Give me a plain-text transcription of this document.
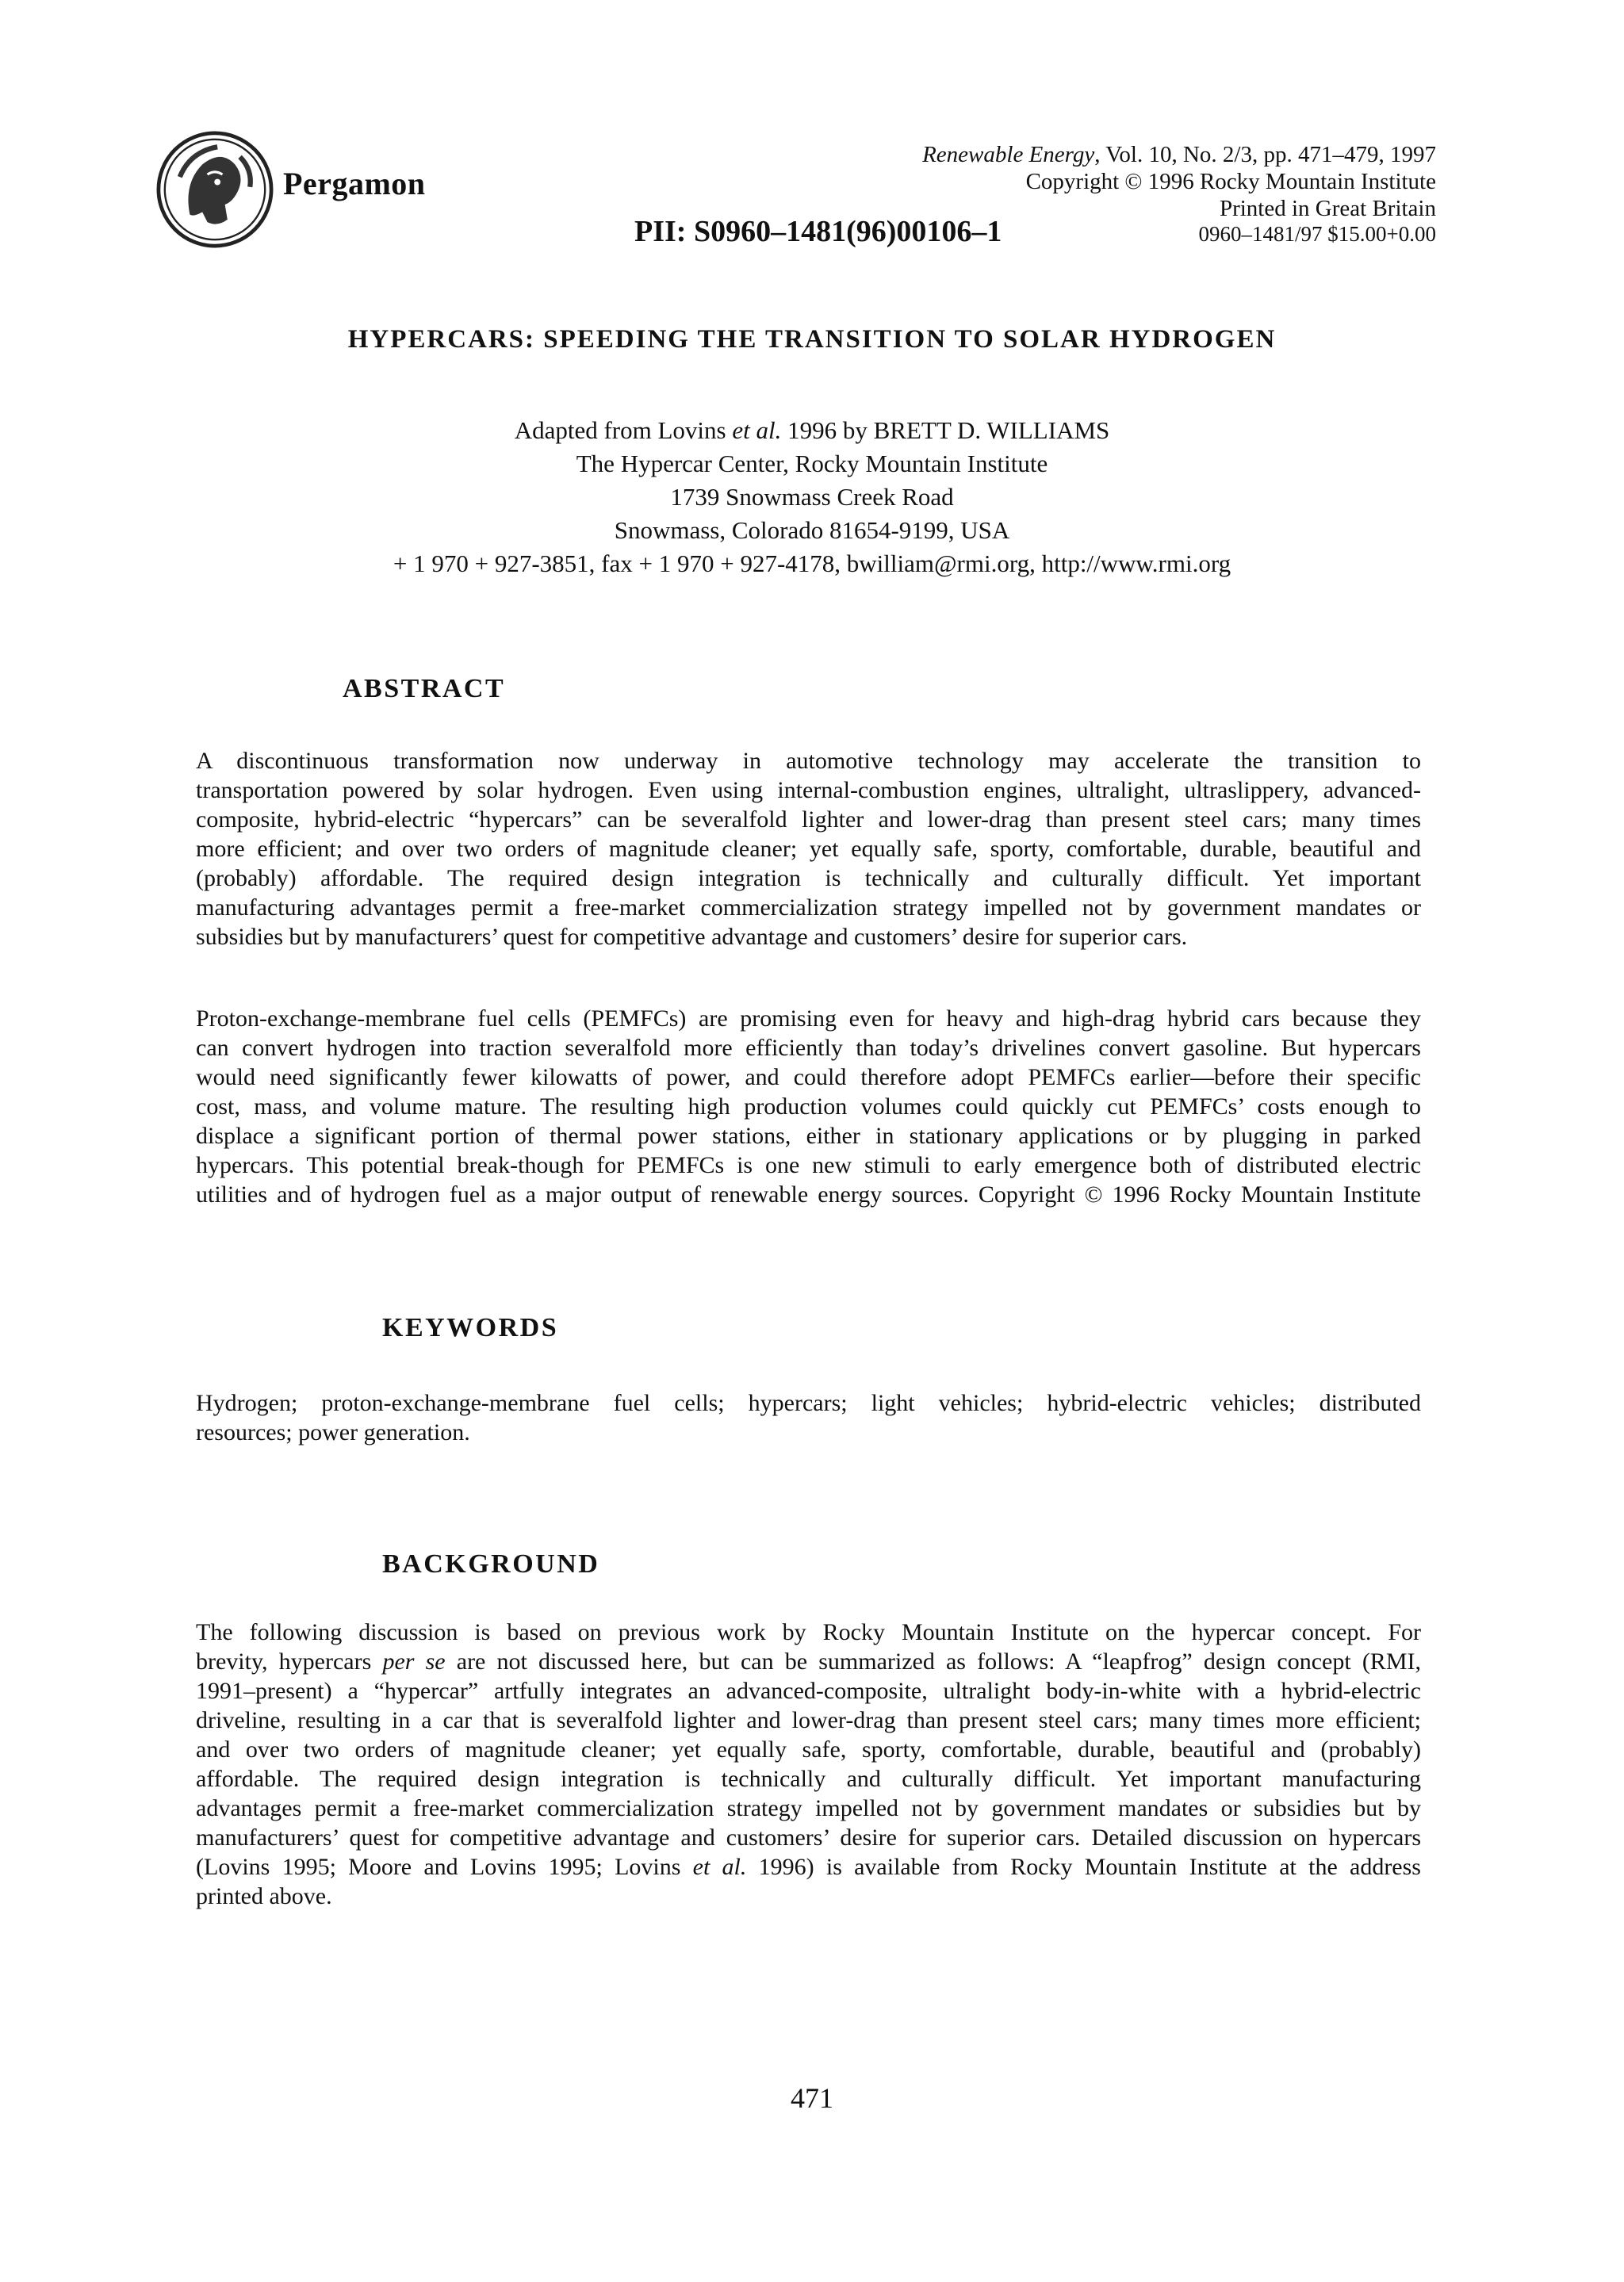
Pergamon
Renewable Energy, Vol. 10, No. 2/3, pp. 471–479, 1997
Copyright © 1996 Rocky Mountain Institute
Printed in Great Britain
PII: S0960–1481(96)00106–1	0960–1481/97 $15.00+0.00
HYPERCARS: SPEEDING THE TRANSITION TO SOLAR HYDROGEN
Adapted from Lovins et al. 1996 by BRETT D. WILLIAMS
The Hypercar Center, Rocky Mountain Institute
1739 Snowmass Creek Road
Snowmass, Colorado 81654-9199, USA
+ 1 970 + 927-3851, fax + 1 970 + 927-4178, bwilliam@rmi.org, http://www.rmi.org
ABSTRACT
A discontinuous transformation now underway in automotive technology may accelerate the transition to
transportation powered by solar hydrogen. Even using internal-combustion engines, ultralight, ultraslippery, advanced-
composite, hybrid-electric “hypercars” can be severalfold lighter and lower-drag than present steel cars; many times
more efficient; and over two orders of magnitude cleaner; yet equally safe, sporty, comfortable, durable, beautiful and
(probably) affordable. The required design integration is technically and culturally difficult. Yet important
manufacturing advantages permit a free-market commercialization strategy impelled not by government mandates or
subsidies but by manufacturers’ quest for competitive advantage and customers’ desire for superior cars.
Proton-exchange-membrane fuel cells (PEMFCs) are promising even for heavy and high-drag hybrid cars because they
can convert hydrogen into traction severalfold more efficiently than today’s drivelines convert gasoline. But hypercars
would need significantly fewer kilowatts of power, and could therefore adopt PEMFCs earlier—before their specific
cost, mass, and volume mature. The resulting high production volumes could quickly cut PEMFCs’ costs enough to
displace a significant portion of thermal power stations, either in stationary applications or by plugging in parked
hypercars. This potential break-though for PEMFCs is one new stimuli to early emergence both of distributed electric
utilities and of hydrogen fuel as a major output of renewable energy sources. Copyright © 1996 Rocky Mountain Institute
KEYWORDS
Hydrogen; proton-exchange-membrane fuel cells; hypercars; light vehicles; hybrid-electric vehicles; distributed
resources; power generation.
BACKGROUND
The following discussion is based on previous work by Rocky Mountain Institute on the hypercar concept. For
brevity, hypercars per se are not discussed here, but can be summarized as follows: A “leapfrog” design concept (RMI,
1991–present) a “hypercar” artfully integrates an advanced-composite, ultralight body-in-white with a hybrid-electric
driveline, resulting in a car that is severalfold lighter and lower-drag than present steel cars; many times more efficient;
and over two orders of magnitude cleaner; yet equally safe, sporty, comfortable, durable, beautiful and (probably)
affordable. The required design integration is technically and culturally difficult. Yet important manufacturing
advantages permit a free-market commercialization strategy impelled not by government mandates or subsidies but by
manufacturers’ quest for competitive advantage and customers’ desire for superior cars. Detailed discussion on hypercars
(Lovins 1995; Moore and Lovins 1995; Lovins et al. 1996) is available from Rocky Mountain Institute at the address
printed above.
471
